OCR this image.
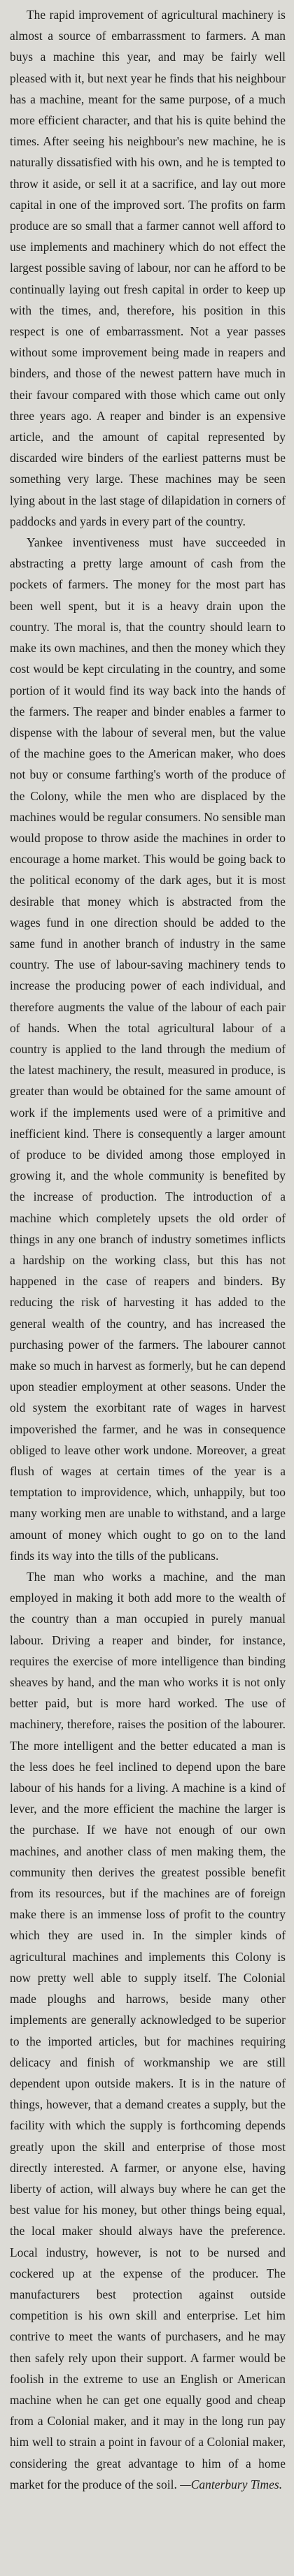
The rapid improvement of agricultural machinery is almost a source of embarrassment to farmers. A man buys a machine this year, and may be fairly well pleased with it, but next year he finds that his neighbour has a machine, meant for the same purpose, of a much more efficient character, and that his is quite behind the times. After seeing his neighbour's new machine, he is naturally dissatisfied with his own, and he is tempted to throw it aside, or sell it at a sacrifice, and lay out more capital in one of the improved sort. The profits on farm produce are so small that a farmer cannot well afford to use implements and machinery which do not effect the largest possible saving of labour, nor can he afford to be continually laying out fresh capital in order to keep up with the times, and, therefore, his position in this respect is one of embarrassment. Not a year passes without some improvement being made in reapers and binders, and those of the newest pattern have much in their favour compared with those which came out only three years ago. A reaper and binder is an expensive article, and the amount of capital represented by discarded wire binders of the earliest patterns must be something very large. These machines may be seen lying about in the last stage of dilapidation in corners of paddocks and yards in every part of the country.

Yankee inventiveness must have succeeded in abstracting a pretty large amount of cash from the pockets of farmers. The money for the most part has been well spent, but it is a heavy drain upon the country. The moral is, that the country should learn to make its own machines, and then the money which they cost would be kept circulating in the country, and some portion of it would find its way back into the hands of the farmers. The reaper and binder enables a farmer to dispense with the labour of several men, but the value of the machine goes to the American maker, who does not buy or consume farthing's worth of the produce of the Colony, while the men who are displaced by the machines would be regular consumers. No sensible man would propose to throw aside the machines in order to encourage a home market. This would be going back to the political economy of the dark ages, but it is most desirable that money which is abstracted from the wages fund in one direction should be added to the same fund in another branch of industry in the same country. The use of labour-saving machinery tends to increase the producing power of each individual, and therefore augments the value of the labour of each pair of hands. When the total agricultural labour of a country is applied to the land through the medium of the latest machinery, the result, measured in produce, is greater than would be obtained for the same amount of work if the implements used were of a primitive and inefficient kind. There is consequently a larger amount of produce to be divided among those employed in growing it, and the whole community is benefited by the increase of production. The introduction of a machine which completely upsets the old order of things in any one branch of industry sometimes inflicts a hardship on the working class, but this has not happened in the case of reapers and binders. By reducing the risk of harvesting it has added to the general wealth of the country, and has increased the purchasing power of the farmers. The labourer cannot make so much in harvest as formerly, but he can depend upon steadier employment at other seasons. Under the old system the exorbitant rate of wages in harvest impoverished the farmer, and he was in consequence obliged to leave other work undone. Moreover, a great flush of wages at certain times of the year is a temptation to improvidence, which, unhappily, but too many working men are unable to withstand, and a large amount of money which ought to go on to the land finds its way into the tills of the publicans.

The man who works a machine, and the man employed in making it both add more to the wealth of the country than a man occupied in purely manual labour. Driving a reaper and binder, for instance, requires the exercise of more intelligence than binding sheaves by hand, and the man who works it is not only better paid, but is more hard worked. The use of machinery, therefore, raises the position of the labourer. The more intelligent and the better educated a man is the less does he feel inclined to depend upon the bare labour of his hands for a living. A machine is a kind of lever, and the more efficient the machine the larger is the purchase. If we have not enough of our own machines, and another class of men making them, the community then derives the greatest possible benefit from its resources, but if the machines are of foreign make there is an immense loss of profit to the country which they are used in. In the simpler kinds of agricultural machines and implements this Colony is now pretty well able to supply itself. The Colonial made ploughs and harrows, beside many other implements are generally acknowledged to be superior to the imported articles, but for machines requiring delicacy and finish of workmanship we are still dependent upon outside makers. It is in the nature of things, however, that a demand creates a supply, but the facility with which the supply is forthcoming depends greatly upon the skill and enterprise of those most directly interested. A farmer, or anyone else, having liberty of action, will always buy where he can get the best value for his money, but other things being equal, the local maker should always have the preference. Local industry, however, is not to be nursed and cockered up at the expense of the producer. The manufacturers best protection against outside competition is his own skill and enterprise. Let him contrive to meet the wants of purchasers, and he may then safely rely upon their support. A farmer would be foolish in the extreme to use an English or American machine when he can get one equally good and cheap from a Colonial maker, and it may in the long run pay him well to strain a point in favour of a Colonial maker, considering the great advantage to him of a home market for the produce of the soil. —Canterbury Times.
